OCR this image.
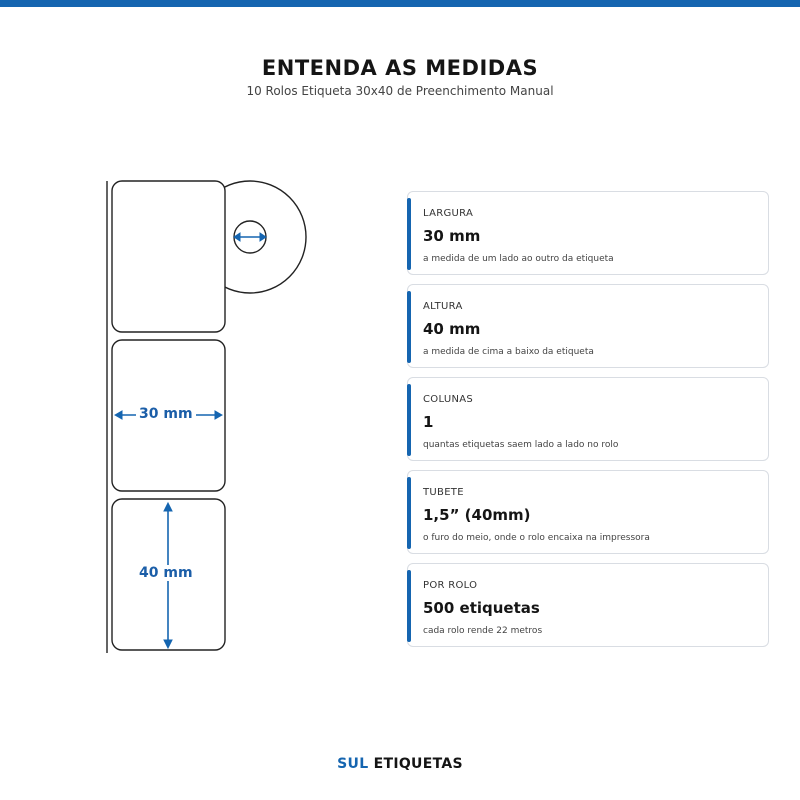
ENTENDA AS MEDIDAS
10 Rolos Etiqueta 30x40 de Preenchimento Manual
30 mm
40 mm
LARGURA
30 mm
a medida de um lado ao outro da etiqueta
ALTURA
40 mm
a medida de cima a baixo da etiqueta
COLUNAS
1
quantas etiquetas saem lado a lado no rolo
TUBETE
1,5” (40mm)
o furo do meio, onde o rolo encaixa na impressora
POR ROLO
500 etiquetas
cada rolo rende 22 metros
SUL ETIQUETAS
